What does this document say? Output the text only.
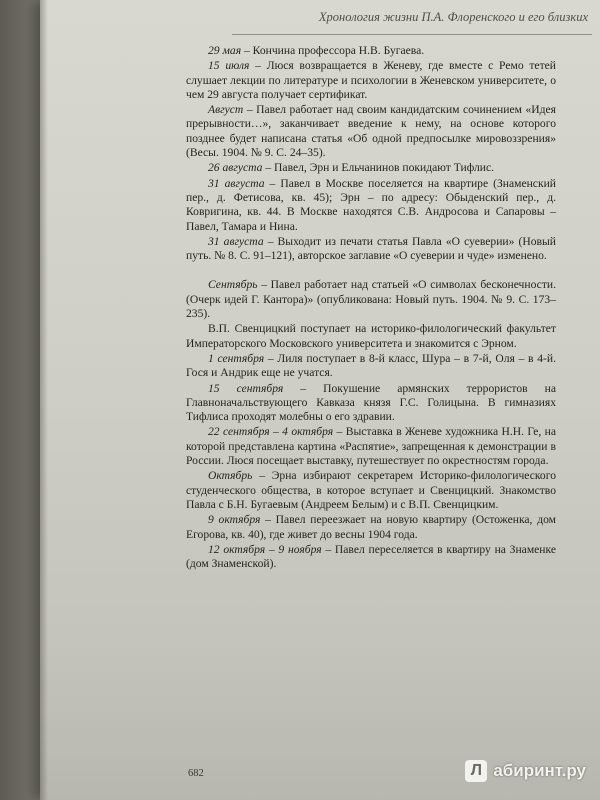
Хронология жизни П.А. Флоренского и его близких

29 мая – Кончина профессора Н.В. Бугаева.

15 июля – Люся возвращается в Женеву, где вместе с Ремо тетей слушает лекции по литературе и психологии в Женевском университете, о чем 29 августа получает сертификат.

Август – Павел работает над своим кандидатским сочинением «Идея прерывности…», заканчивает введение к нему, на основе которого позднее будет написана статья «Об одной предпосылке мировоззрения» (Весы. 1904. № 9. С. 24–35).

26 августа – Павел, Эрн и Ельчанинов покидают Тифлис.

31 августа – Павел в Москве поселяется на квартире (Знаменский пер., д. Фетисова, кв. 45); Эрн – по адресу: Обыденский пер., д. Ковригина, кв. 44. В Москве находятся С.В. Андросова и Сапаровы – Павел, Тамара и Нина.

31 августа – Выходит из печати статья Павла «О суеверии» (Новый путь. № 8. С. 91–121), авторское заглавие «О суеверии и чуде» изменено.

Сентябрь – Павел работает над статьей «О символах бесконечности. (Очерк идей Г. Кантора)» (опубликована: Новый путь. 1904. № 9. С. 173–235).

В.П. Свенцицкий поступает на историко-филологический факультет Императорского Московского университета и знакомится с Эрном.

1 сентября – Лиля поступает в 8-й класс, Шура – в 7-й, Оля – в 4-й. Гося и Андрик еще не учатся.

15 сентября – Покушение армянских террористов на Главноначальствующего Кавказа князя Г.С. Голицына. В гимназиях Тифлиса проходят молебны о его здравии.

22 сентября – 4 октября – Выставка в Женеве художника Н.Н. Ге, на которой представлена картина «Распятие», запрещенная к демонстрации в России. Люся посещает выставку, путешествует по окрестностям города.

Октябрь – Эрна избирают секретарем Историко-филологического студенческого общества, в которое вступает и Свенцицкий. Знакомство Павла с Б.Н. Бугаевым (Андреем Белым) и с В.П. Свенцицким.

9 октября – Павел переезжает на новую квартиру (Остоженка, дом Егорова, кв. 40), где живет до весны 1904 года.

12 октября – 9 ноября – Павел переселяется в квартиру на Знаменке (дом Знаменской).

682	Л абиринт.ру
